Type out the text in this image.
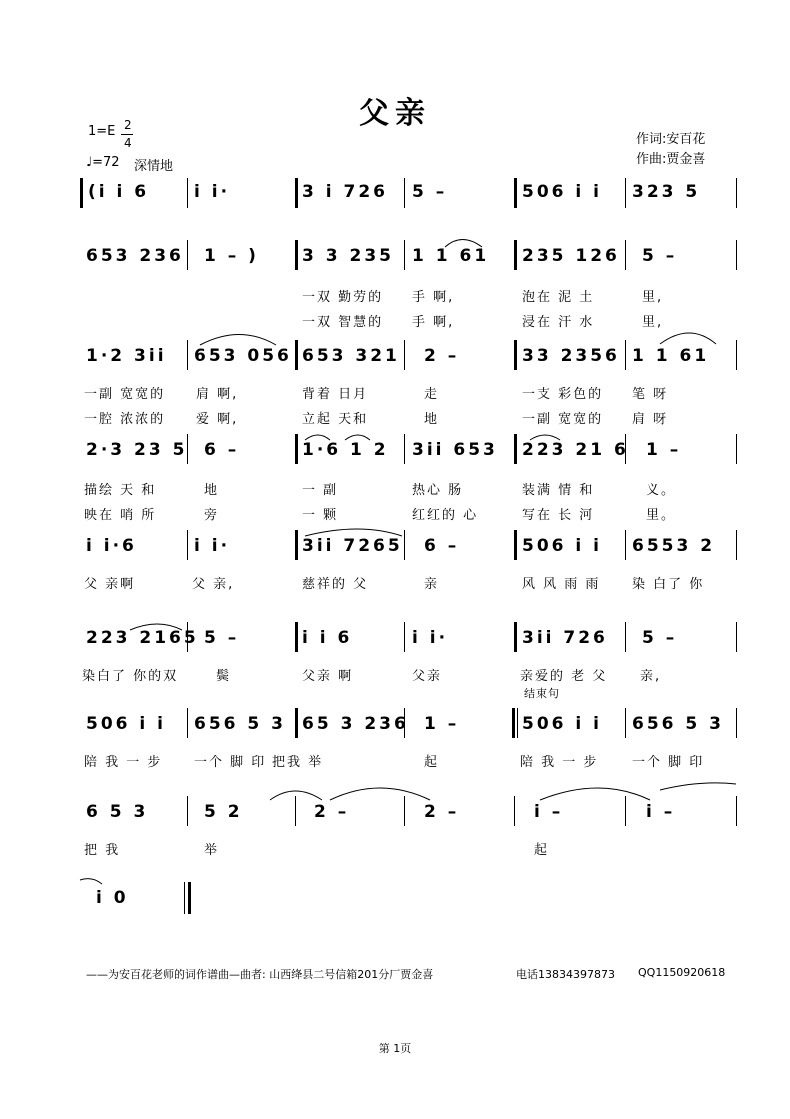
父亲
1=E 2
4
♩=72 深情地
作词:安百花
作曲:贾金喜
(i i 6	i i·	3 i 726 5 –	506 i i 323 5
653 236 1 – )	3 3 235 1 1 61 235 126 5 –
一双 勤劳的 手 啊,	泡在 泥 土	里,
一双 智慧的 手 啊,	浸在 汗 水	里,
1·2 3ii 653 056 653 321 2 –	33 2356 1 1 61
一副 宽宽的 肩 啊,	背着 日月	走	一支 彩色的 笔 呀
一腔 浓浓的 爱 啊,	立起 天和	地	一副 宽宽的 肩 呀
2·3 23 5 6 –	1·6 1 2 3ii 653 223 21 6 1 –
描绘 天 和	地	一 副	热心 肠	装满 情 和	义。
映在 哨 所	旁	一 颗	红红的 心	写在 长 河	里。
i i·6	i i·	3ii 7265 6 –	506 i i 6553 2
父 亲啊	父 亲,	慈祥的 父	亲	风 风 雨 雨 染 白了 你
223 2165 5 –	i i 6	i i·	3ii 726 5 –
染白了 你的双	鬓	父亲 啊	父亲	亲爱的 老 父	亲,
结束句
506 i i 656 5 3 65 3 236 1 –	506 i i 656 5 3
陪 我 一 步 一个 脚 印 把我 举	起	陪 我 一 步	一个 脚 印
6 5 3	5 2	2 –	2 –	i –	i –
把 我	举	起
i 0
——为安百花老师的词作谱曲—曲者: 山西绛县二号信箱201分厂贾金喜	电话13834397873 QQ1150920618
第 1页
